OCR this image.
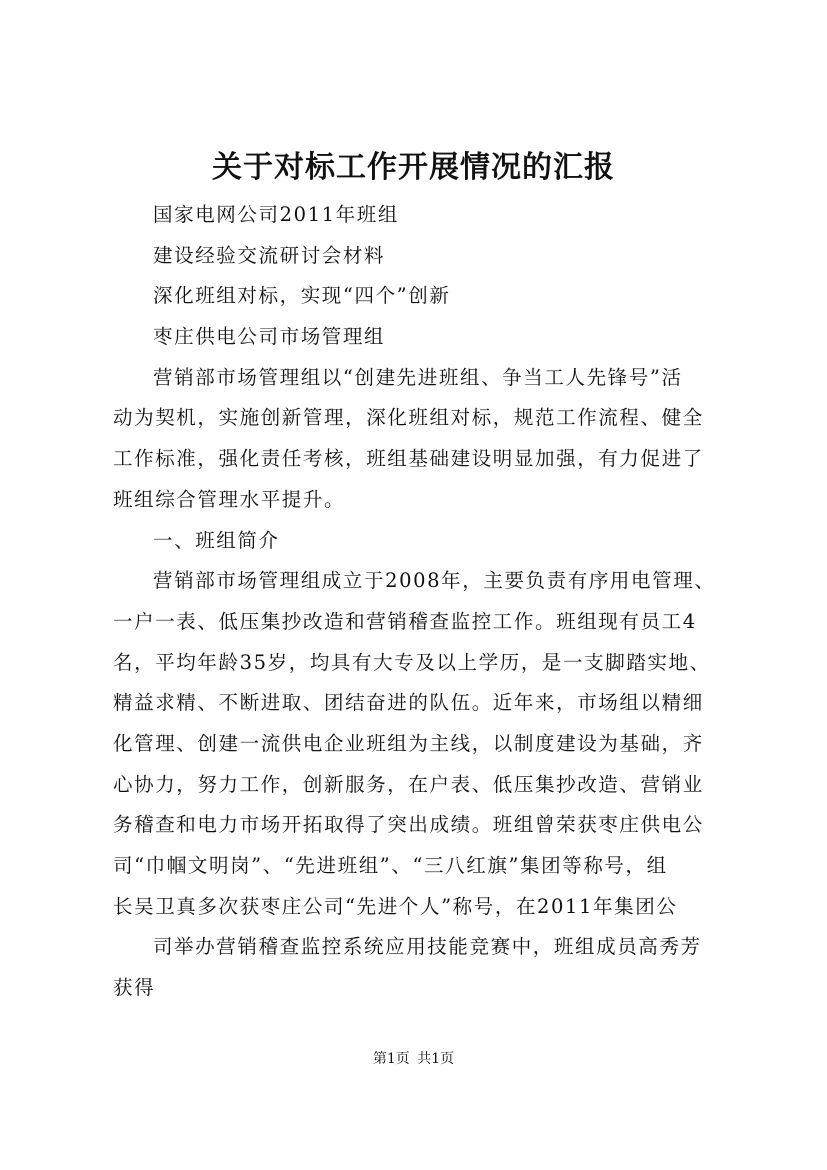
关于对标工作开展情况的汇报
国家电网公司2011年班组
建设经验交流研讨会材料
深化班组对标，实现“四个”创新
枣庄供电公司市场管理组
营销部市场管理组以“创建先进班组、争当工人先锋号”活
动为契机，实施创新管理，深化班组对标，规范工作流程、健全
工作标准，强化责任考核，班组基础建设明显加强，有力促进了
班组综合管理水平提升。
一、班组简介
营销部市场管理组成立于2008年，主要负责有序用电管理、
一户一表、低压集抄改造和营销稽查监控工作。班组现有员工4
名，平均年龄35岁，均具有大专及以上学历，是一支脚踏实地、
精益求精、不断进取、团结奋进的队伍。近年来，市场组以精细
化管理、创建一流供电企业班组为主线，以制度建设为基础，齐
心协力，努力工作，创新服务，在户表、低压集抄改造、营销业
务稽查和电力市场开拓取得了突出成绩。班组曾荣获枣庄供电公
司“巾帼文明岗”、“先进班组”、“三八红旗”集团等称号，组
长吴卫真多次获枣庄公司“先进个人”称号，在2011年集团公
司举办营销稽查监控系统应用技能竞赛中，班组成员高秀芳
获得
第1页 共1页
